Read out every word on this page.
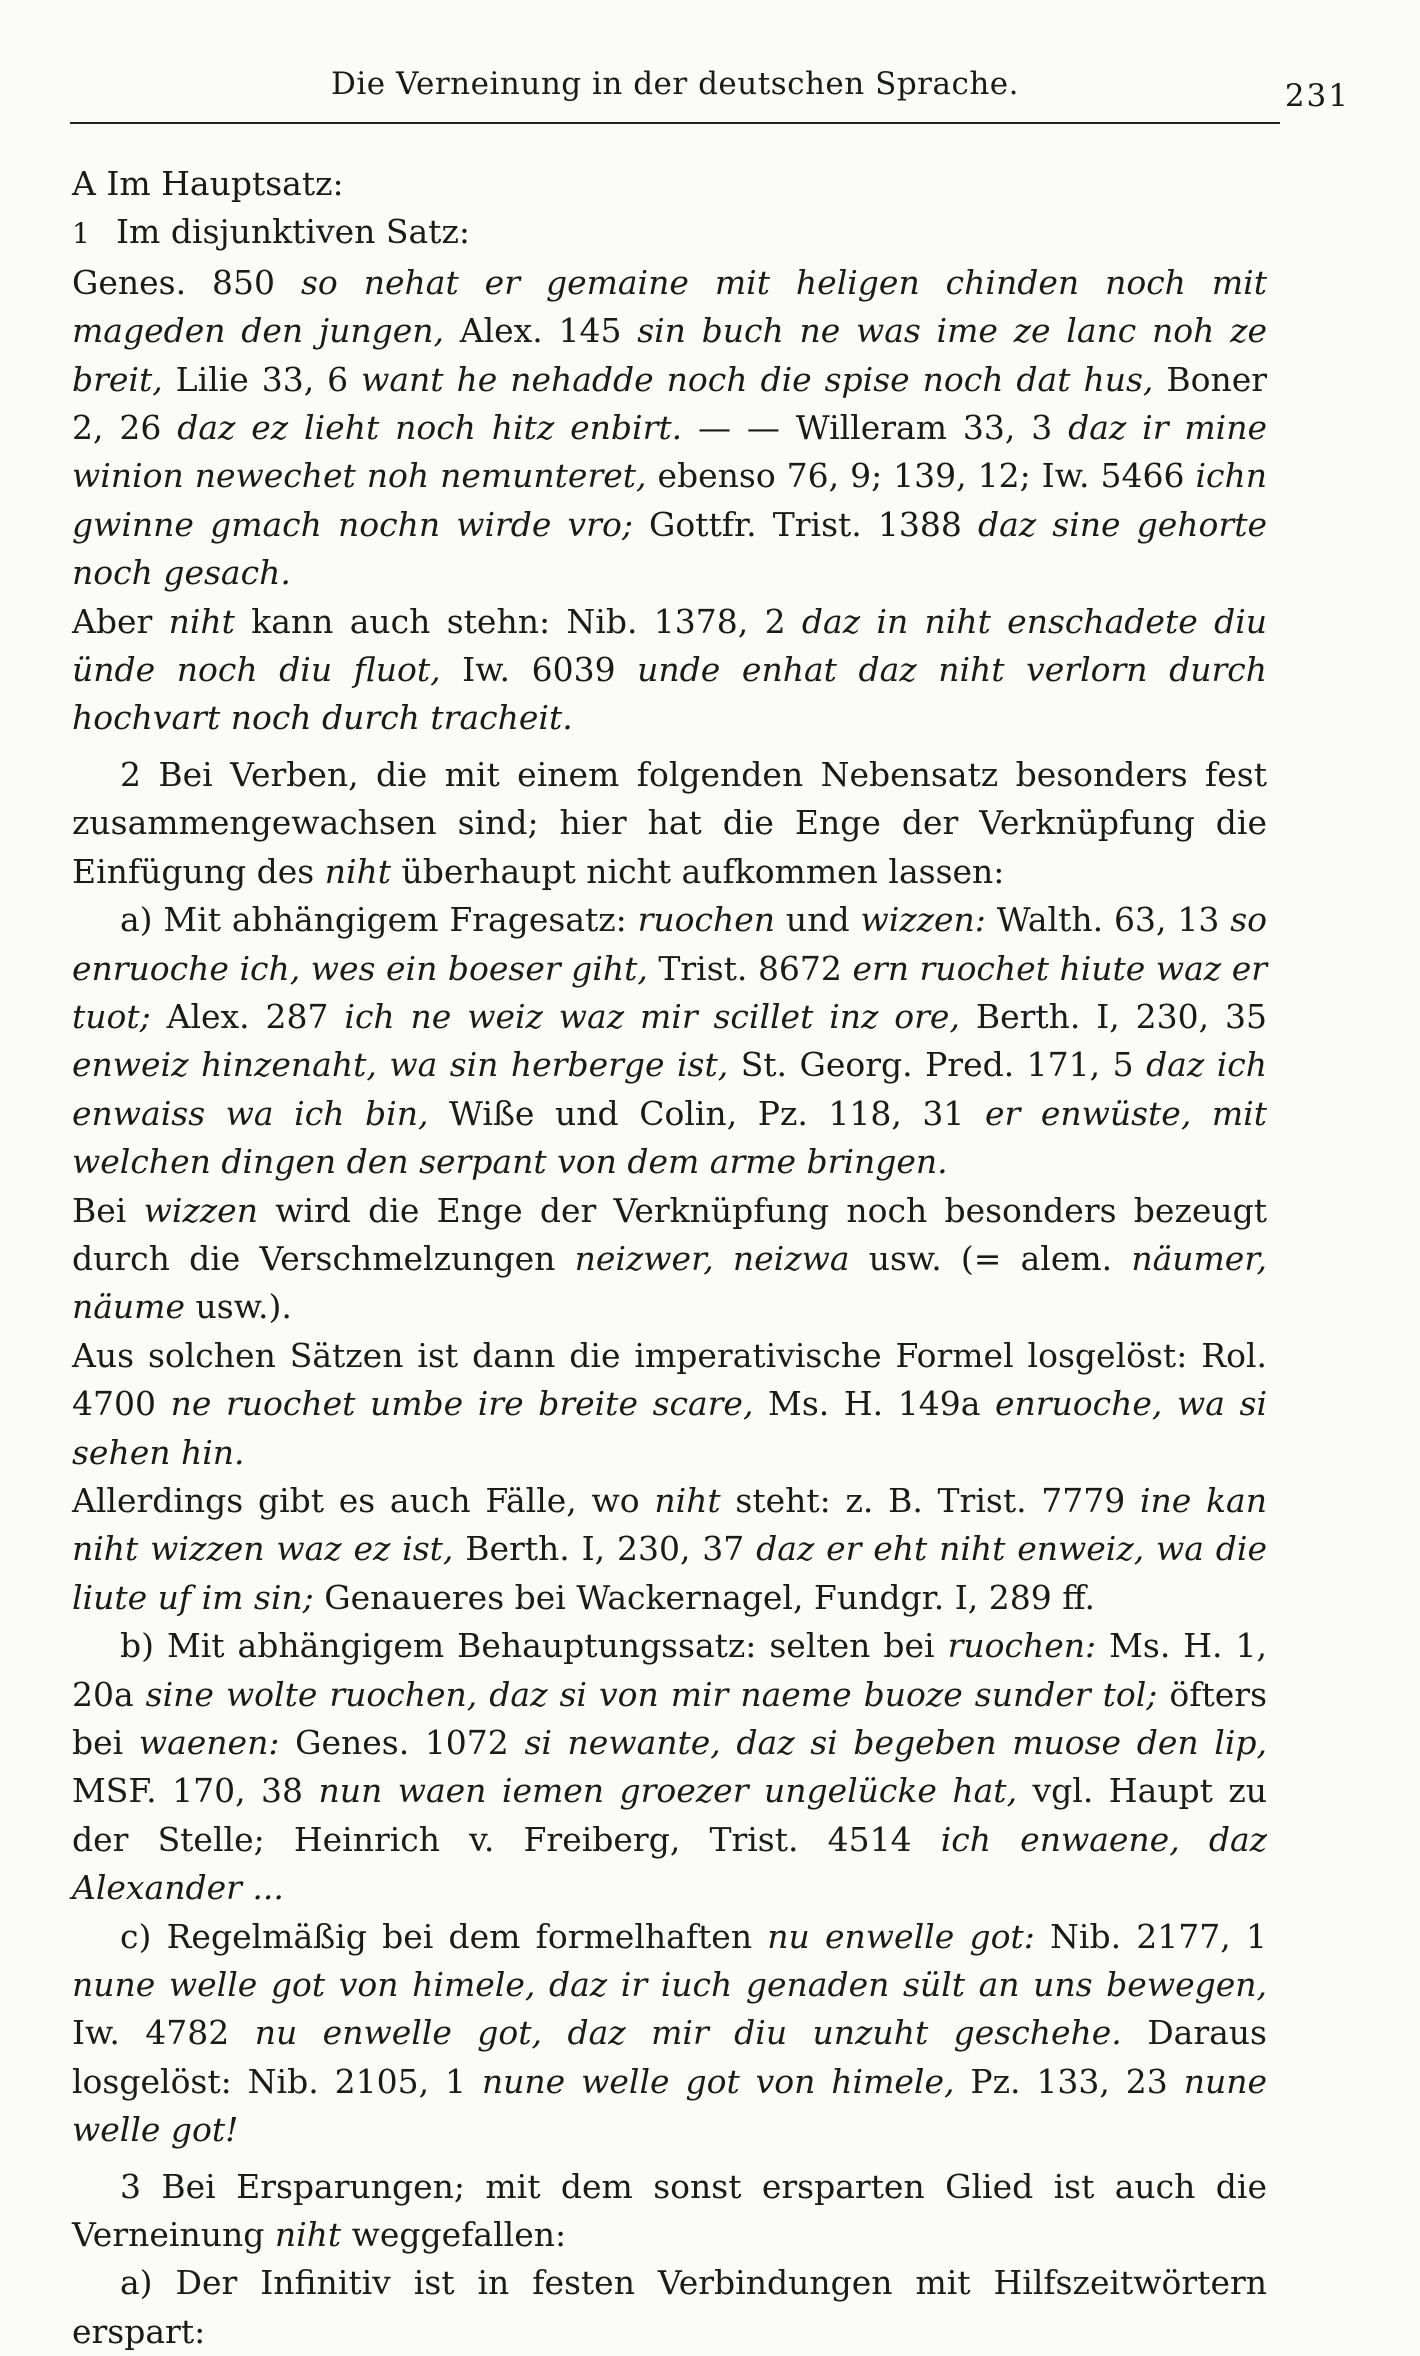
Die Verneinung in der deutschen Sprache.	231

A Im Hauptsatz:

1 Im disjunktiven Satz:

Genes. 850 so nehat er gemaine mit heligen chinden noch mit mageden den jungen, Alex. 145 sin buch ne was ime ze lanc noh ze breit, Lilie 33, 6 want he nehadde noch die spise noch dat hus, Boner 2, 26 daz ez lieht noch hitz enbirt. — — Willeram 33, 3 daz ir mine winion newechet noh nemunteret, ebenso 76, 9; 139, 12; Iw. 5466 ichn gwinne gmach nochn wirde vro; Gottfr. Trist. 1388 daz sine gehorte noch gesach.

Aber niht kann auch stehn: Nib. 1378, 2 daz in niht enschadete diu ünde noch diu fluot, Iw. 6039 unde enhat daz niht verlorn durch hochvart noch durch tracheit.

2 Bei Verben, die mit einem folgenden Nebensatz besonders fest zusammengewachsen sind; hier hat die Enge der Verknüpfung die Einfügung des niht überhaupt nicht aufkommen lassen:

a) Mit abhängigem Fragesatz: ruochen und wizzen: Walth. 63, 13 so enruoche ich, wes ein boeser giht, Trist. 8672 ern ruochet hiute waz er tuot; Alex. 287 ich ne weiz waz mir scillet inz ore, Berth. I, 230, 35 enweiz hinzenaht, wa sin herberge ist, St. Georg. Pred. 171, 5 daz ich enwaiss wa ich bin, Wiße und Colin, Pz. 118, 31 er enwüste, mit welchen dingen den serpant von dem arme bringen.

Bei wizzen wird die Enge der Verknüpfung noch besonders bezeugt durch die Verschmelzungen neizwer, neizwa usw. (= alem. näumer, näume usw.).

Aus solchen Sätzen ist dann die imperativische Formel losgelöst: Rol. 4700 ne ruochet umbe ire breite scare, Ms. H. 149a enruoche, wa si sehen hin.

Allerdings gibt es auch Fälle, wo niht steht: z. B. Trist. 7779 ine kan niht wizzen waz ez ist, Berth. I, 230, 37 daz er eht niht enweiz, wa die liute uf im sin; Genaueres bei Wackernagel, Fundgr. I, 289 ff.

b) Mit abhängigem Behauptungssatz: selten bei ruochen: Ms. H. 1, 20a sine wolte ruochen, daz si von mir naeme buoze sunder tol; öfters bei waenen: Genes. 1072 si newante, daz si begeben muose den lip, MSF. 170, 38 nun waen iemen groezer ungelücke hat, vgl. Haupt zu der Stelle; Heinrich v. Freiberg, Trist. 4514 ich enwaene, daz Alexander ...

c) Regelmäßig bei dem formelhaften nu enwelle got: Nib. 2177, 1 nune welle got von himele, daz ir iuch genaden sült an uns bewegen, Iw. 4782 nu enwelle got, daz mir diu unzuht geschehe. Daraus losgelöst: Nib. 2105, 1 nune welle got von himele, Pz. 133, 23 nune welle got!

3 Bei Ersparungen; mit dem sonst ersparten Glied ist auch die Verneinung niht weggefallen:

a) Der Infinitiv ist in festen Verbindungen mit Hilfszeitwörtern erspart:
